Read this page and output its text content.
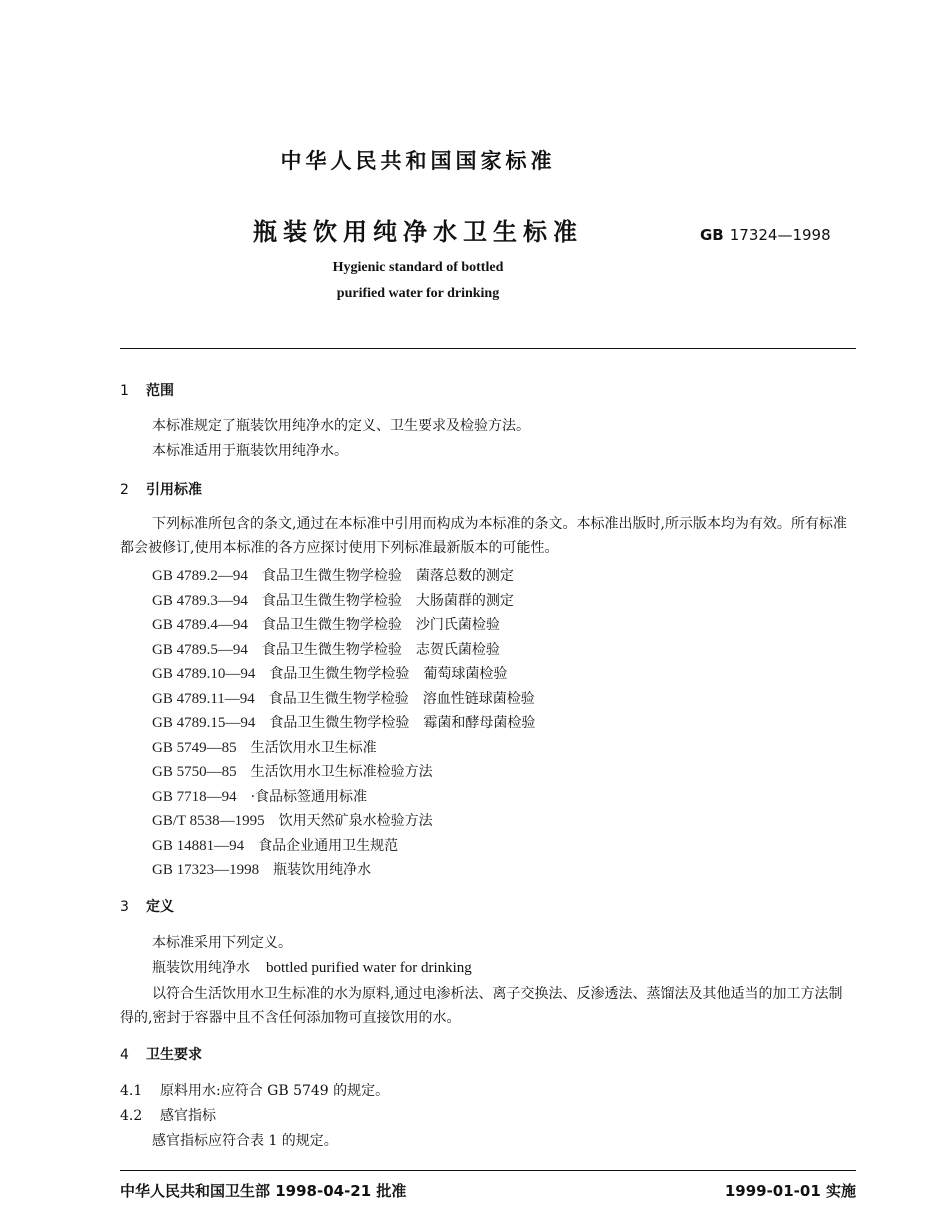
中华人民共和国国家标准
瓶装饮用纯净水卫生标准	GB 17324—1998
Hygienic standard of bottled
purified water for drinking
1 范围
本标准规定了瓶装饮用纯净水的定义、卫生要求及检验方法。
本标准适用于瓶装饮用纯净水。
2 引用标准
下列标准所包含的条文,通过在本标准中引用而构成为本标准的条文。本标准出版时,所示版本均为有效。所有标准都会被修订,使用本标准的各方应探讨使用下列标准最新版本的可能性。
GB 4789.2—94 食品卫生微生物学检验　菌落总数的测定
GB 4789.3—94 食品卫生微生物学检验　大肠菌群的测定
GB 4789.4—94 食品卫生微生物学检验　沙门氏菌检验
GB 4789.5—94 食品卫生微生物学检验　志贺氏菌检验
GB 4789.10—94 食品卫生微生物学检验　葡萄球菌检验
GB 4789.11—94 食品卫生微生物学检验　溶血性链球菌检验
GB 4789.15—94 食品卫生微生物学检验　霉菌和酵母菌检验
GB 5749—85 生活饮用水卫生标准
GB 5750—85 生活饮用水卫生标准检验方法
GB 7718—94 ·食品标签通用标准
GB/T 8538—1995 饮用天然矿泉水检验方法
GB 14881—94 食品企业通用卫生规范
GB 17323—1998 瓶装饮用纯净水
3 定义
本标准采用下列定义。
瓶装饮用纯净水 bottled purified water for drinking
以符合生活饮用水卫生标准的水为原料,通过电渗析法、离子交换法、反渗透法、蒸馏法及其他适当的加工方法制得的,密封于容器中且不含任何添加物可直接饮用的水。
4 卫生要求
4.1 原料用水:应符合 GB 5749 的规定。
4.2 感官指标
感官指标应符合表 1 的规定。
中华人民共和国卫生部 1998-04-21 批准	1999-01-01 实施
